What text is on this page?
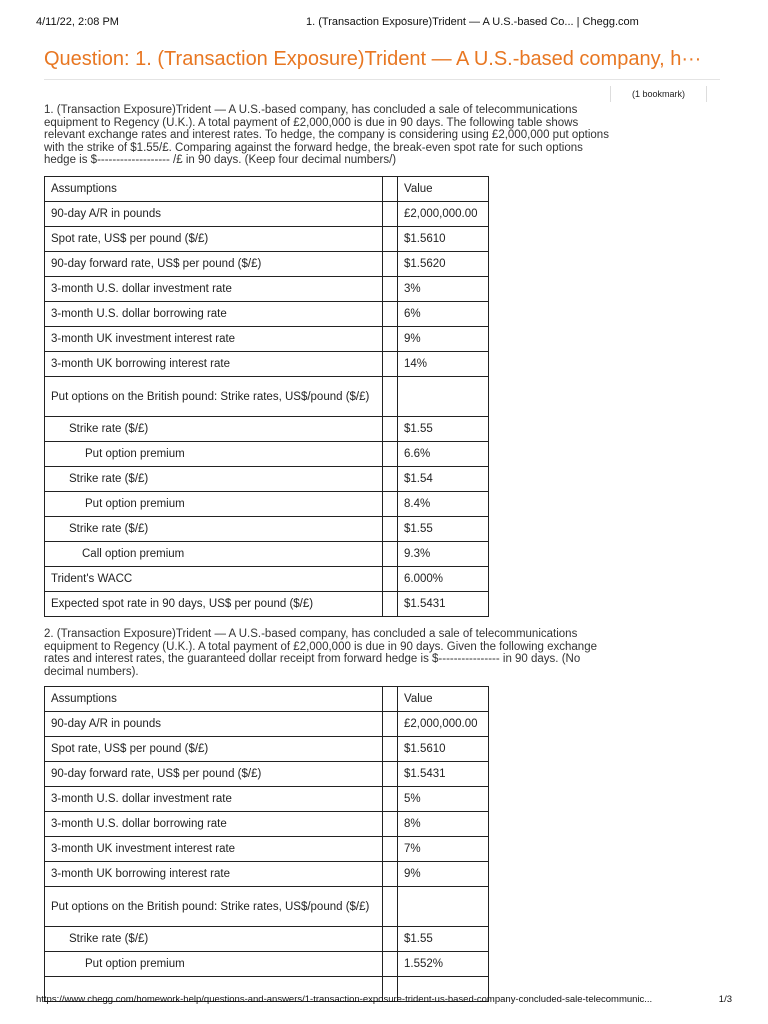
4/11/22, 2:08 PM	1. (Transaction Exposure)Trident — A U.S.-based Co... | Chegg.com
Question: 1. (Transaction Exposure)Trident — A U.S.-based company, h···
(1 bookmark)
1. (Transaction Exposure)Trident — A U.S.-based company, has concluded a sale of telecommunications equipment to Regency (U.K.). A total payment of £2,000,000 is due in 90 days. The following table shows relevant exchange rates and interest rates. To hedge, the company is considering using £2,000,000 put options with the strike of $1.55/£. Comparing against the forward hedge, the break-even spot rate for such options hedge is $------------------- /£ in 90 days. (Keep four decimal numbers/)
Assumptions		Value
90-day A/R in pounds		£2,000,000.00
Spot rate, US$ per pound ($/£)		$1.5610
90-day forward rate, US$ per pound ($/£)		$1.5620
3-month U.S. dollar investment rate		3%
3-month U.S. dollar borrowing rate		6%
3-month UK investment interest rate		9%
3-month UK borrowing interest rate		14%
Put options on the British pound: Strike rates, US$/pound ($/£)		
Strike rate ($/£)		$1.55
Put option premium		6.6%
Strike rate ($/£)		$1.54
Put option premium		8.4%
Strike rate ($/£)		$1.55
Call option premium		9.3%
Trident's WACC		6.000%
Expected spot rate in 90 days, US$ per pound ($/£)		$1.5431
2. (Transaction Exposure)Trident — A U.S.-based company, has concluded a sale of telecommunications equipment to Regency (U.K.). A total payment of £2,000,000 is due in 90 days. Given the following exchange rates and interest rates, the guaranteed dollar receipt from forward hedge is $---------------- in 90 days. (No decimal numbers).
Assumptions		Value
90-day A/R in pounds		£2,000,000.00
Spot rate, US$ per pound ($/£)		$1.5610
90-day forward rate, US$ per pound ($/£)		$1.5431
3-month U.S. dollar investment rate		5%
3-month U.S. dollar borrowing rate		8%
3-month UK investment interest rate		7%
3-month UK borrowing interest rate		9%
Put options on the British pound: Strike rates, US$/pound ($/£)		
Strike rate ($/£)		$1.55
Put option premium		1.552%

https://www.chegg.com/homework-help/questions-and-answers/1-transaction-exposure-trident-us-based-company-concluded-sale-telecommunic...	1/3
